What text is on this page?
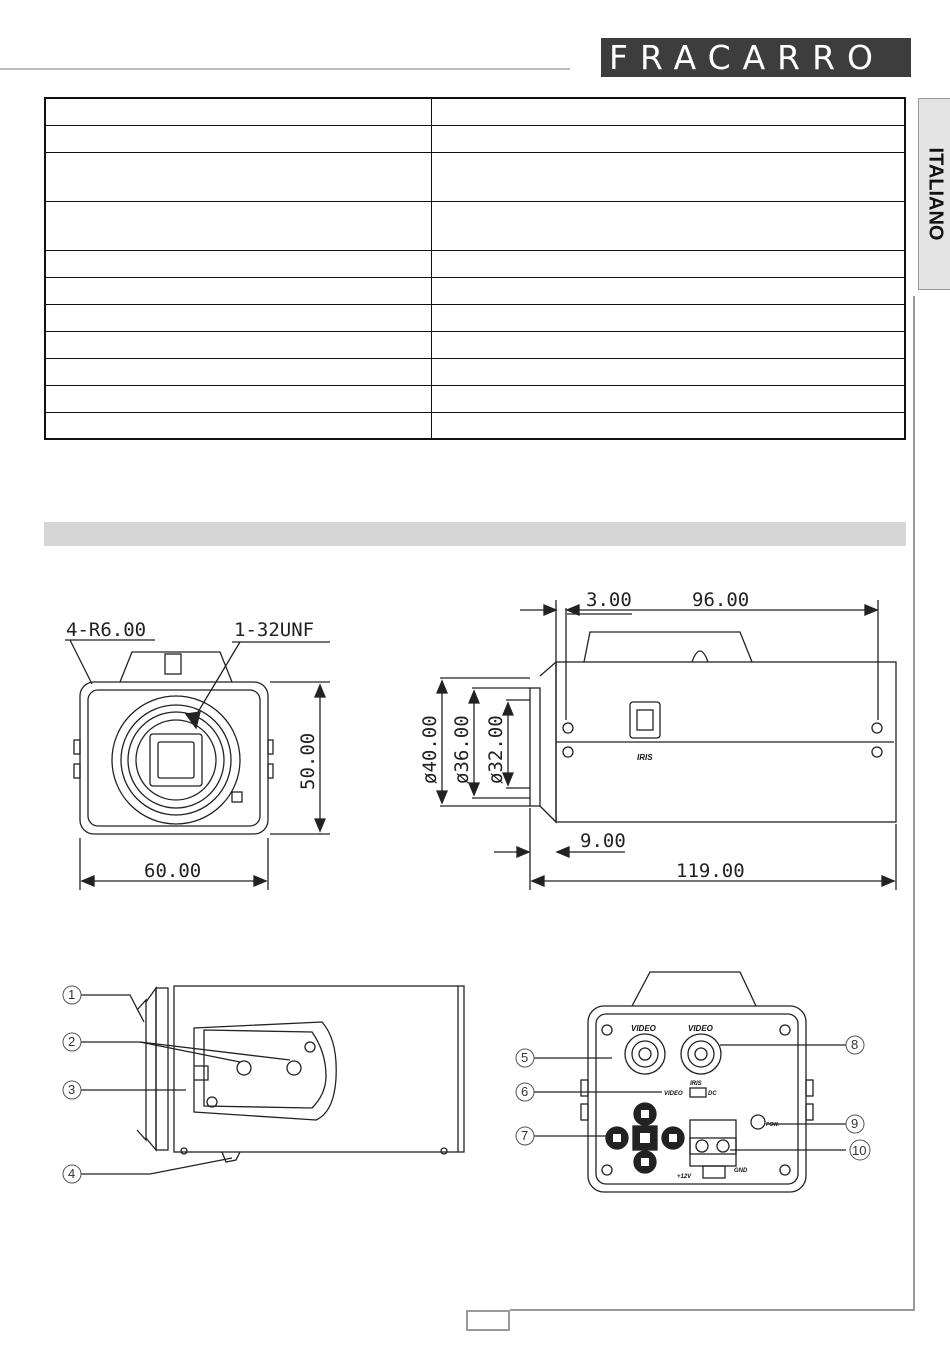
FRACARRO
ITALIANO

4-R6.00	1-32UNF
50.00
60.00
3.00	96.00
ø40.00 ø36.00 ø32.00
9.00
119.00
IRIS
VIDEO	VIDEO
IRIS
VIDEO	DC
POW.
+12V
GND
1
2
3
4
5
6
7
8
9
10
